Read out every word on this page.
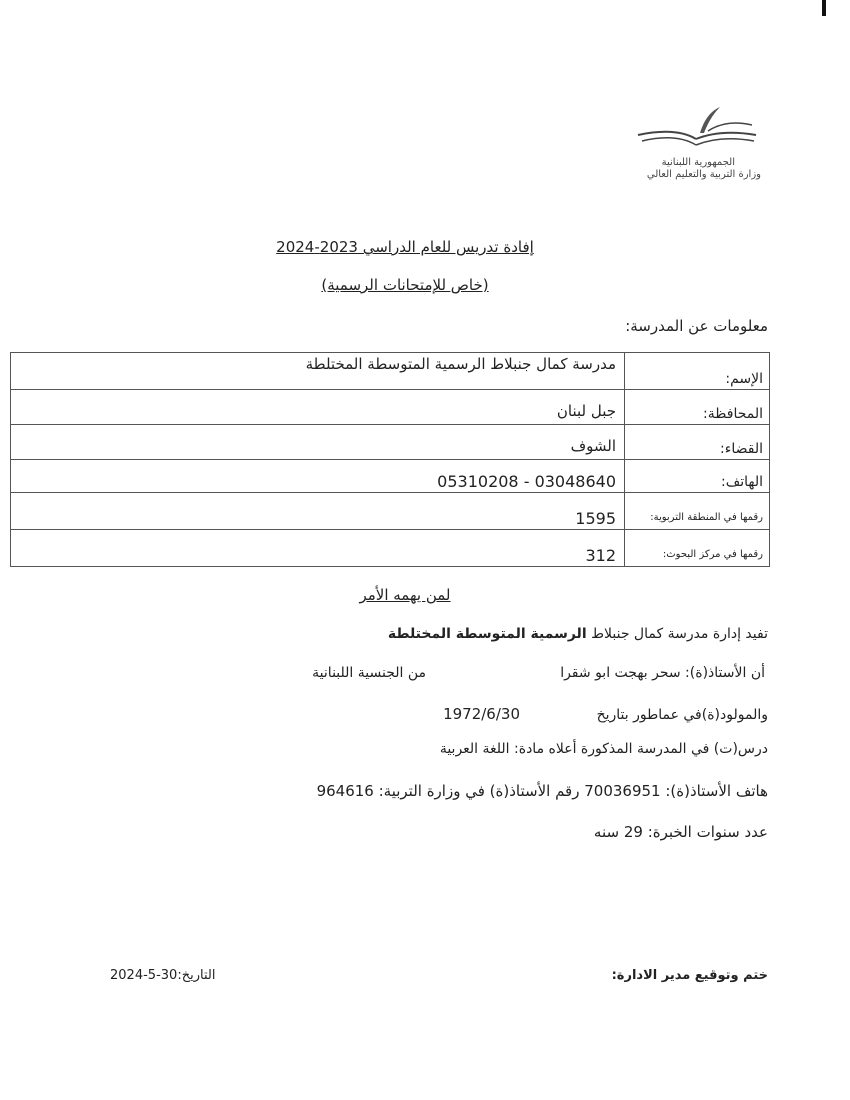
الجمهورية اللبنانية
وزارة التربية والتعليم العالي
إفادة تدريس للعام الدراسي 2023-2024
(خاص للإمتحانات الرسمية)
معلومات عن المدرسة:
الإسم:	مدرسة كمال جنبلاط الرسمية المتوسطة المختلطة
المحافظة:	جبل لبنان
القضاء:	الشوف
الهاتف:	03048640 - 05310208
رقمها في المنطقة التربوية:	1595
رقمها في مركز البحوث:	312
لمن يهمه الأمر
تفيد إدارة مدرسة كمال جنبلاط الرسمية المتوسطة المختلطة
أن الأستاذ(ة): سحر بهجت ابو شقرا
من الجنسية اللبنانية
والمولود(ة)في عماطور بتاريخ
1972/6/30
درس(ت) في المدرسة المذكورة أعلاه مادة: اللغة العربية
هاتف الأستاذ(ة): 70036951 رقم الأستاذ(ة) في وزارة التربية: 964616
عدد سنوات الخبرة: 29 سنه
ختم وتوقيع مدير الادارة:
التاريخ:30-5-2024
